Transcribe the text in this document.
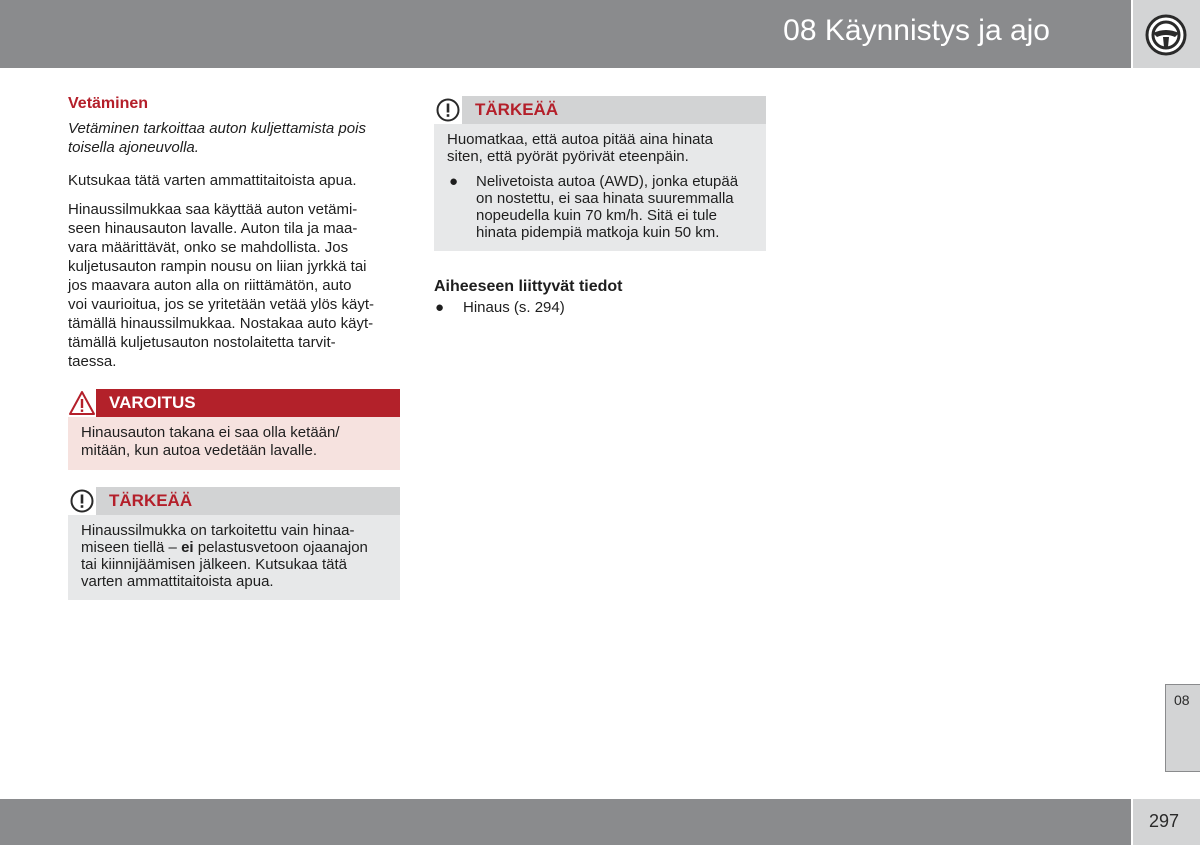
08 Käynnistys ja ajo
Vetäminen
Vetäminen tarkoittaa auton kuljettamista pois toisella ajoneuvolla.
Kutsukaa tätä varten ammattitaitoista apua.
Hinaussilmukkaa saa käyttää auton vetämi-
seen hinausauton lavalle. Auton tila ja maa-
vara määrittävät, onko se mahdollista. Jos
kuljetusauton rampin nousu on liian jyrkkä tai
jos maavara auton alla on riittämätön, auto
voi vaurioitua, jos se yritetään vetää ylös käyt-
tämällä hinaussilmukkaa. Nostakaa auto käyt-
tämällä kuljetusauton nostolaitetta tarvit-
taessa.
VAROITUS
Hinausauton takana ei saa olla ketään/
mitään, kun autoa vedetään lavalle.
TÄRKEÄÄ
Hinaussilmukka on tarkoitettu vain hinaa-
miseen tiellä – ei pelastusvetoon ojaanajon
tai kiinnijäämisen jälkeen. Kutsukaa tätä
varten ammattitaitoista apua.
TÄRKEÄÄ

Huomatkaa, että autoa pitää aina hinata
siten, että pyörät pyörivät eteenpäin.

● Nelivetoista autoa (AWD), jonka etupää
on nostettu, ei saa hinata suuremmalla
nopeudella kuin 70 km/h. Sitä ei tule
hinata pidempiä matkoja kuin 50 km.
Aiheeseen liittyvät tiedot
● Hinaus (s. 294)
08
297
